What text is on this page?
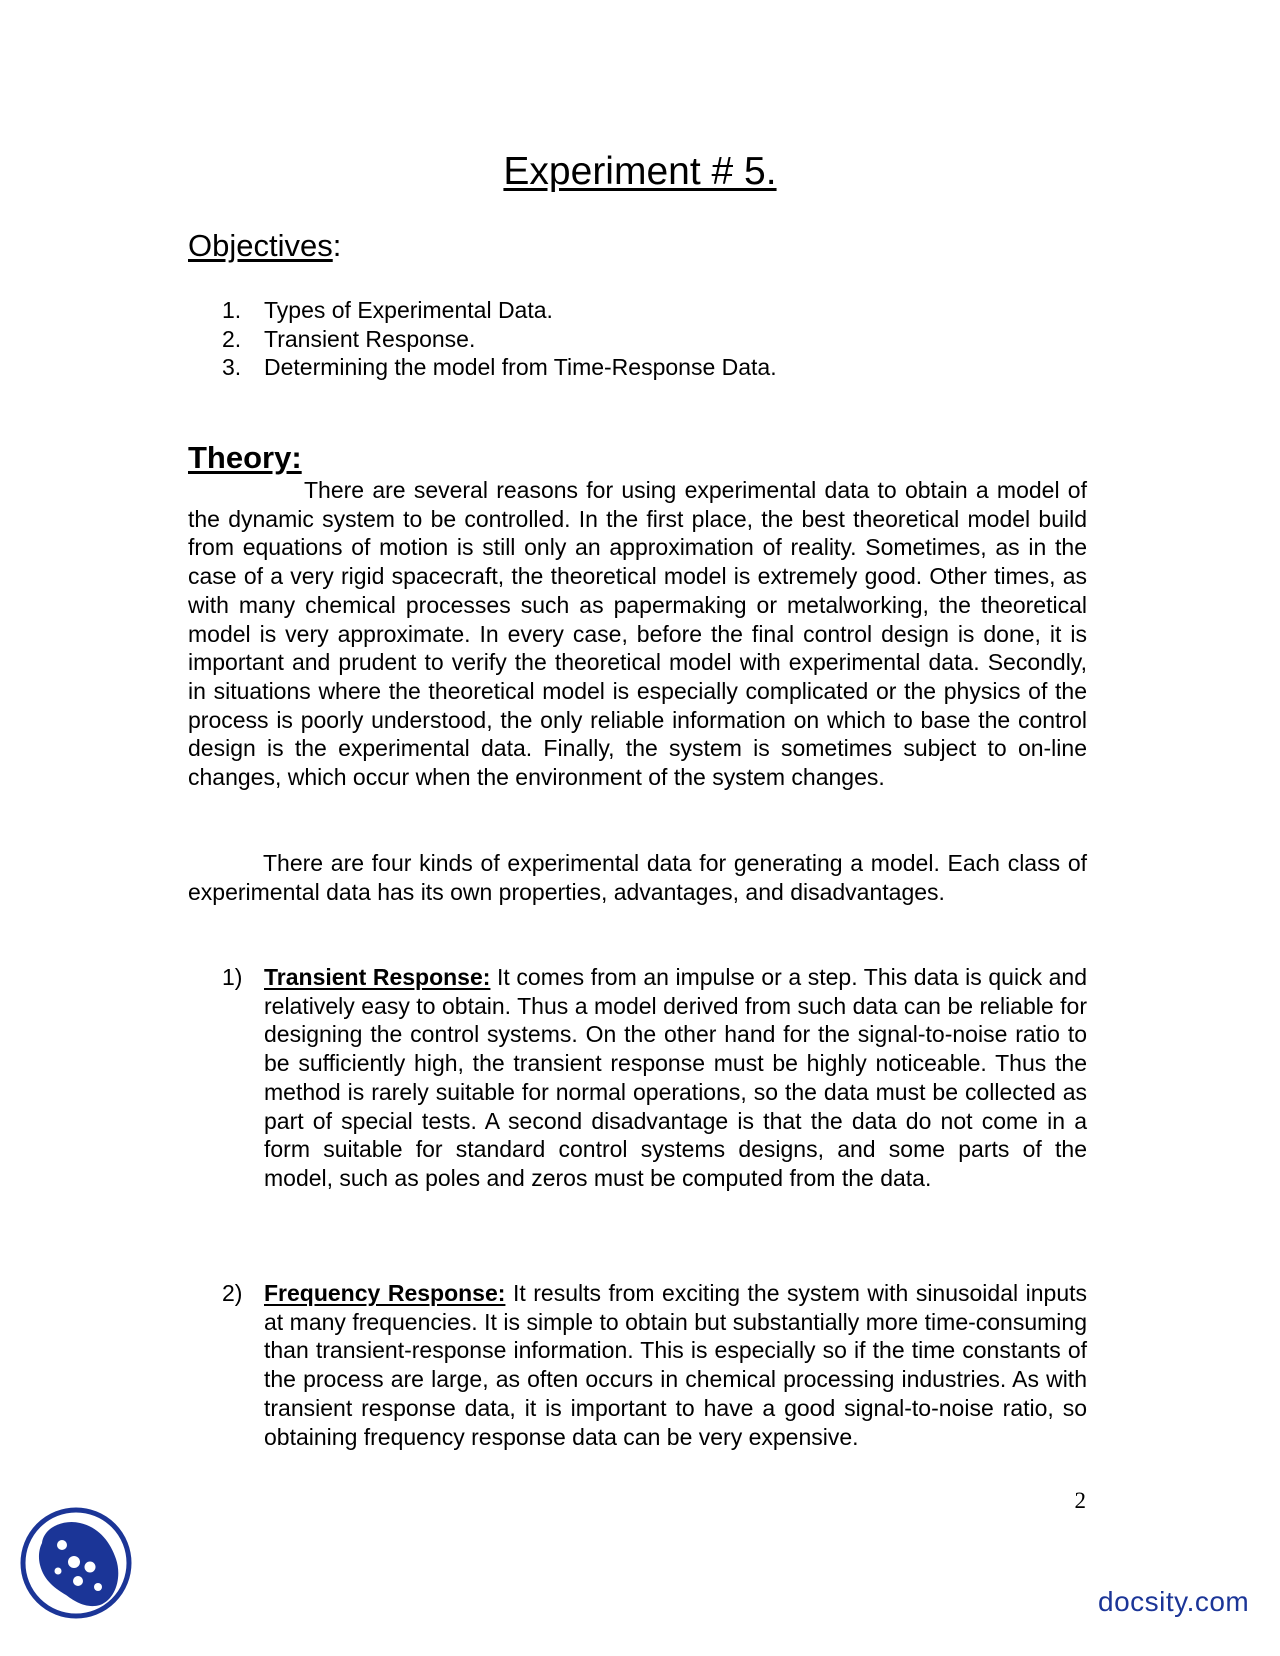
Experiment # 5.
Objectives:
1. Types of Experimental Data.
2. Transient Response.
3. Determining the model from Time-Response Data.
Theory:

There are several reasons for using experimental data to obtain a model of the dynamic system to be controlled. In the first place, the best theoretical model build from equations of motion is still only an approximation of reality. Sometimes, as in the case of a very rigid spacecraft, the theoretical model is extremely good. Other times, as with many chemical processes such as papermaking or metalworking, the theoretical model is very approximate. In every case, before the final control design is done, it is important and prudent to verify the theoretical model with experimental data. Secondly, in situations where the theoretical model is especially complicated or the physics of the process is poorly understood, the only reliable information on which to base the control design is the experimental data. Finally, the system is sometimes subject to on-line changes, which occur when the environment of the system changes.

There are four kinds of experimental data for generating a model. Each class of experimental data has its own properties, advantages, and disadvantages.

1) Transient Response: It comes from an impulse or a step. This data is quick and relatively easy to obtain. Thus a model derived from such data can be reliable for designing the control systems. On the other hand for the signal-to-noise ratio to be sufficiently high, the transient response must be highly noticeable. Thus the method is rarely suitable for normal operations, so the data must be collected as part of special tests. A second disadvantage is that the data do not come in a form suitable for standard control systems designs, and some parts of the model, such as poles and zeros must be computed from the data.
2) Frequency Response: It results from exciting the system with sinusoidal inputs at many frequencies. It is simple to obtain but substantially more time-consuming than transient-response information. This is especially so if the time constants of the process are large, as often occurs in chemical processing industries. As with transient response data, it is important to have a good signal-to-noise ratio, so obtaining frequency response data can be very expensive.
2
docsity.com
